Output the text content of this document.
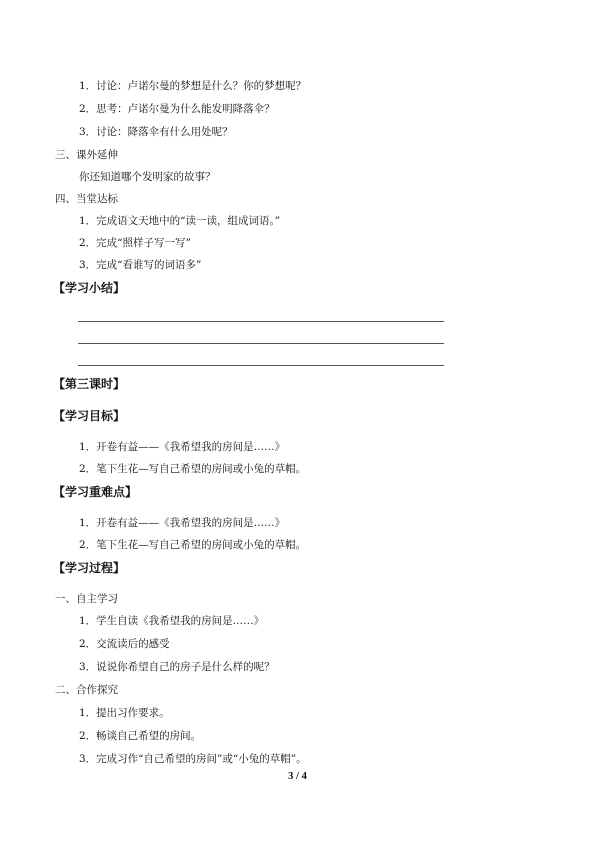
1．讨论：卢诺尔曼的梦想是什么？你的梦想呢？
2．思考：卢诺尔曼为什么能发明降落伞？
3．讨论：降落伞有什么用处呢？
三、课外延伸
你还知道哪个发明家的故事？
四、当堂达标
1．完成语文天地中的“读一读，组成词语。”
2．完成“照样子写一写”
3．完成“看谁写的词语多”
【学习小结】
【第三课时】
【学习目标】
1．开卷有益——《我希望我的房间是……》
2．笔下生花—写自己希望的房间或小兔的草帽。
【学习重难点】
1．开卷有益——《我希望我的房间是……》
2．笔下生花—写自己希望的房间或小兔的草帽。
【学习过程】
一、自主学习
1．学生自读《我希望我的房间是……》
2．交流读后的感受
3．说说你希望自己的房子是什么样的呢？
二、合作探究
1．提出习作要求。
2．畅谈自己希望的房间。
3．完成习作“自己希望的房间”或“小兔的草帽”。
3 / 4
